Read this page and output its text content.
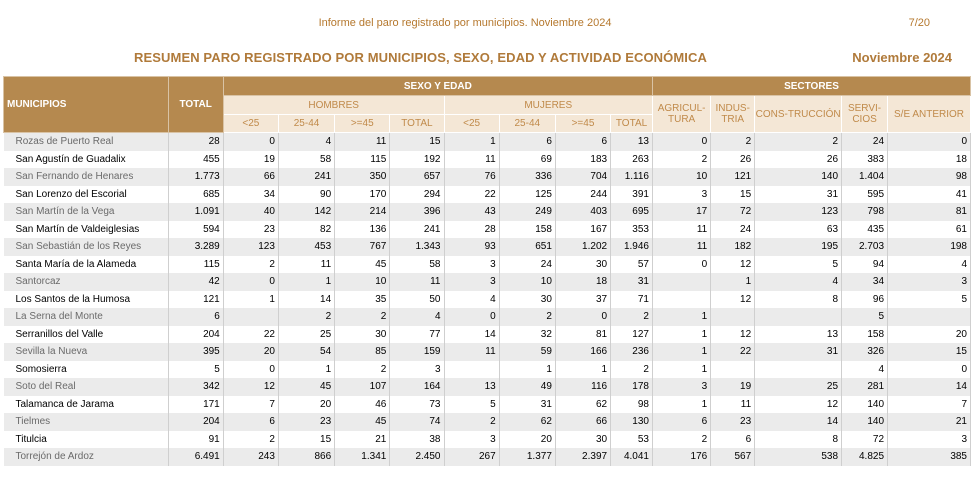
Informe del paro registrado por municipios. Noviembre 2024	7/20
RESUMEN PARO REGISTRADO POR MUNICIPIOS, SEXO, EDAD Y ACTIVIDAD ECONÓMICA	Noviembre 2024
MUNICIPIOS	TOTAL	SEXO Y EDAD								SECTORES				
		HOMBRES				MUJERES				AGRICUL-TURA	INDUS-TRIA	CONS-TRUCCIÓN	SERVI-CIOS	S/E ANTERIOR
		<25	25-44	>=45	TOTAL	<25	25-44	>=45	TOTAL					
Rozas de Puerto Real	28	0	4	11	15	1	6	6	13	0	2	2	24	0
San Agustín de Guadalix	455	19	58	115	192	11	69	183	263	2	26	26	383	18
San Fernando de Henares	1.773	66	241	350	657	76	336	704	1.116	10	121	140	1.404	98
San Lorenzo del Escorial	685	34	90	170	294	22	125	244	391	3	15	31	595	41
San Martín de la Vega	1.091	40	142	214	396	43	249	403	695	17	72	123	798	81
San Martín de Valdeiglesias	594	23	82	136	241	28	158	167	353	11	24	63	435	61
San Sebastián de los Reyes	3.289	123	453	767	1.343	93	651	1.202	1.946	11	182	195	2.703	198
Santa María de la Alameda	115	2	11	45	58	3	24	30	57	0	12	5	94	4
Santorcaz	42	0	1	10	11	3	10	18	31		1	4	34	3
Los Santos de la Humosa	121	1	14	35	50	4	30	37	71		12	8	96	5
La Serna del Monte	6		2	2	4	0	2	0	2	1			5	
Serranillos del Valle	204	22	25	30	77	14	32	81	127	1	12	13	158	20
Sevilla la Nueva	395	20	54	85	159	11	59	166	236	1	22	31	326	15
Somosierra	5	0	1	2	3		1	1	2	1			4	0
Soto del Real	342	12	45	107	164	13	49	116	178	3	19	25	281	14
Talamanca de Jarama	171	7	20	46	73	5	31	62	98	1	11	12	140	7
Tielmes	204	6	23	45	74	2	62	66	130	6	23	14	140	21
Titulcia	91	2	15	21	38	3	20	30	53	2	6	8	72	3
Torrejón de Ardoz	6.491	243	866	1.341	2.450	267	1.377	2.397	4.041	176	567	538	4.825	385
